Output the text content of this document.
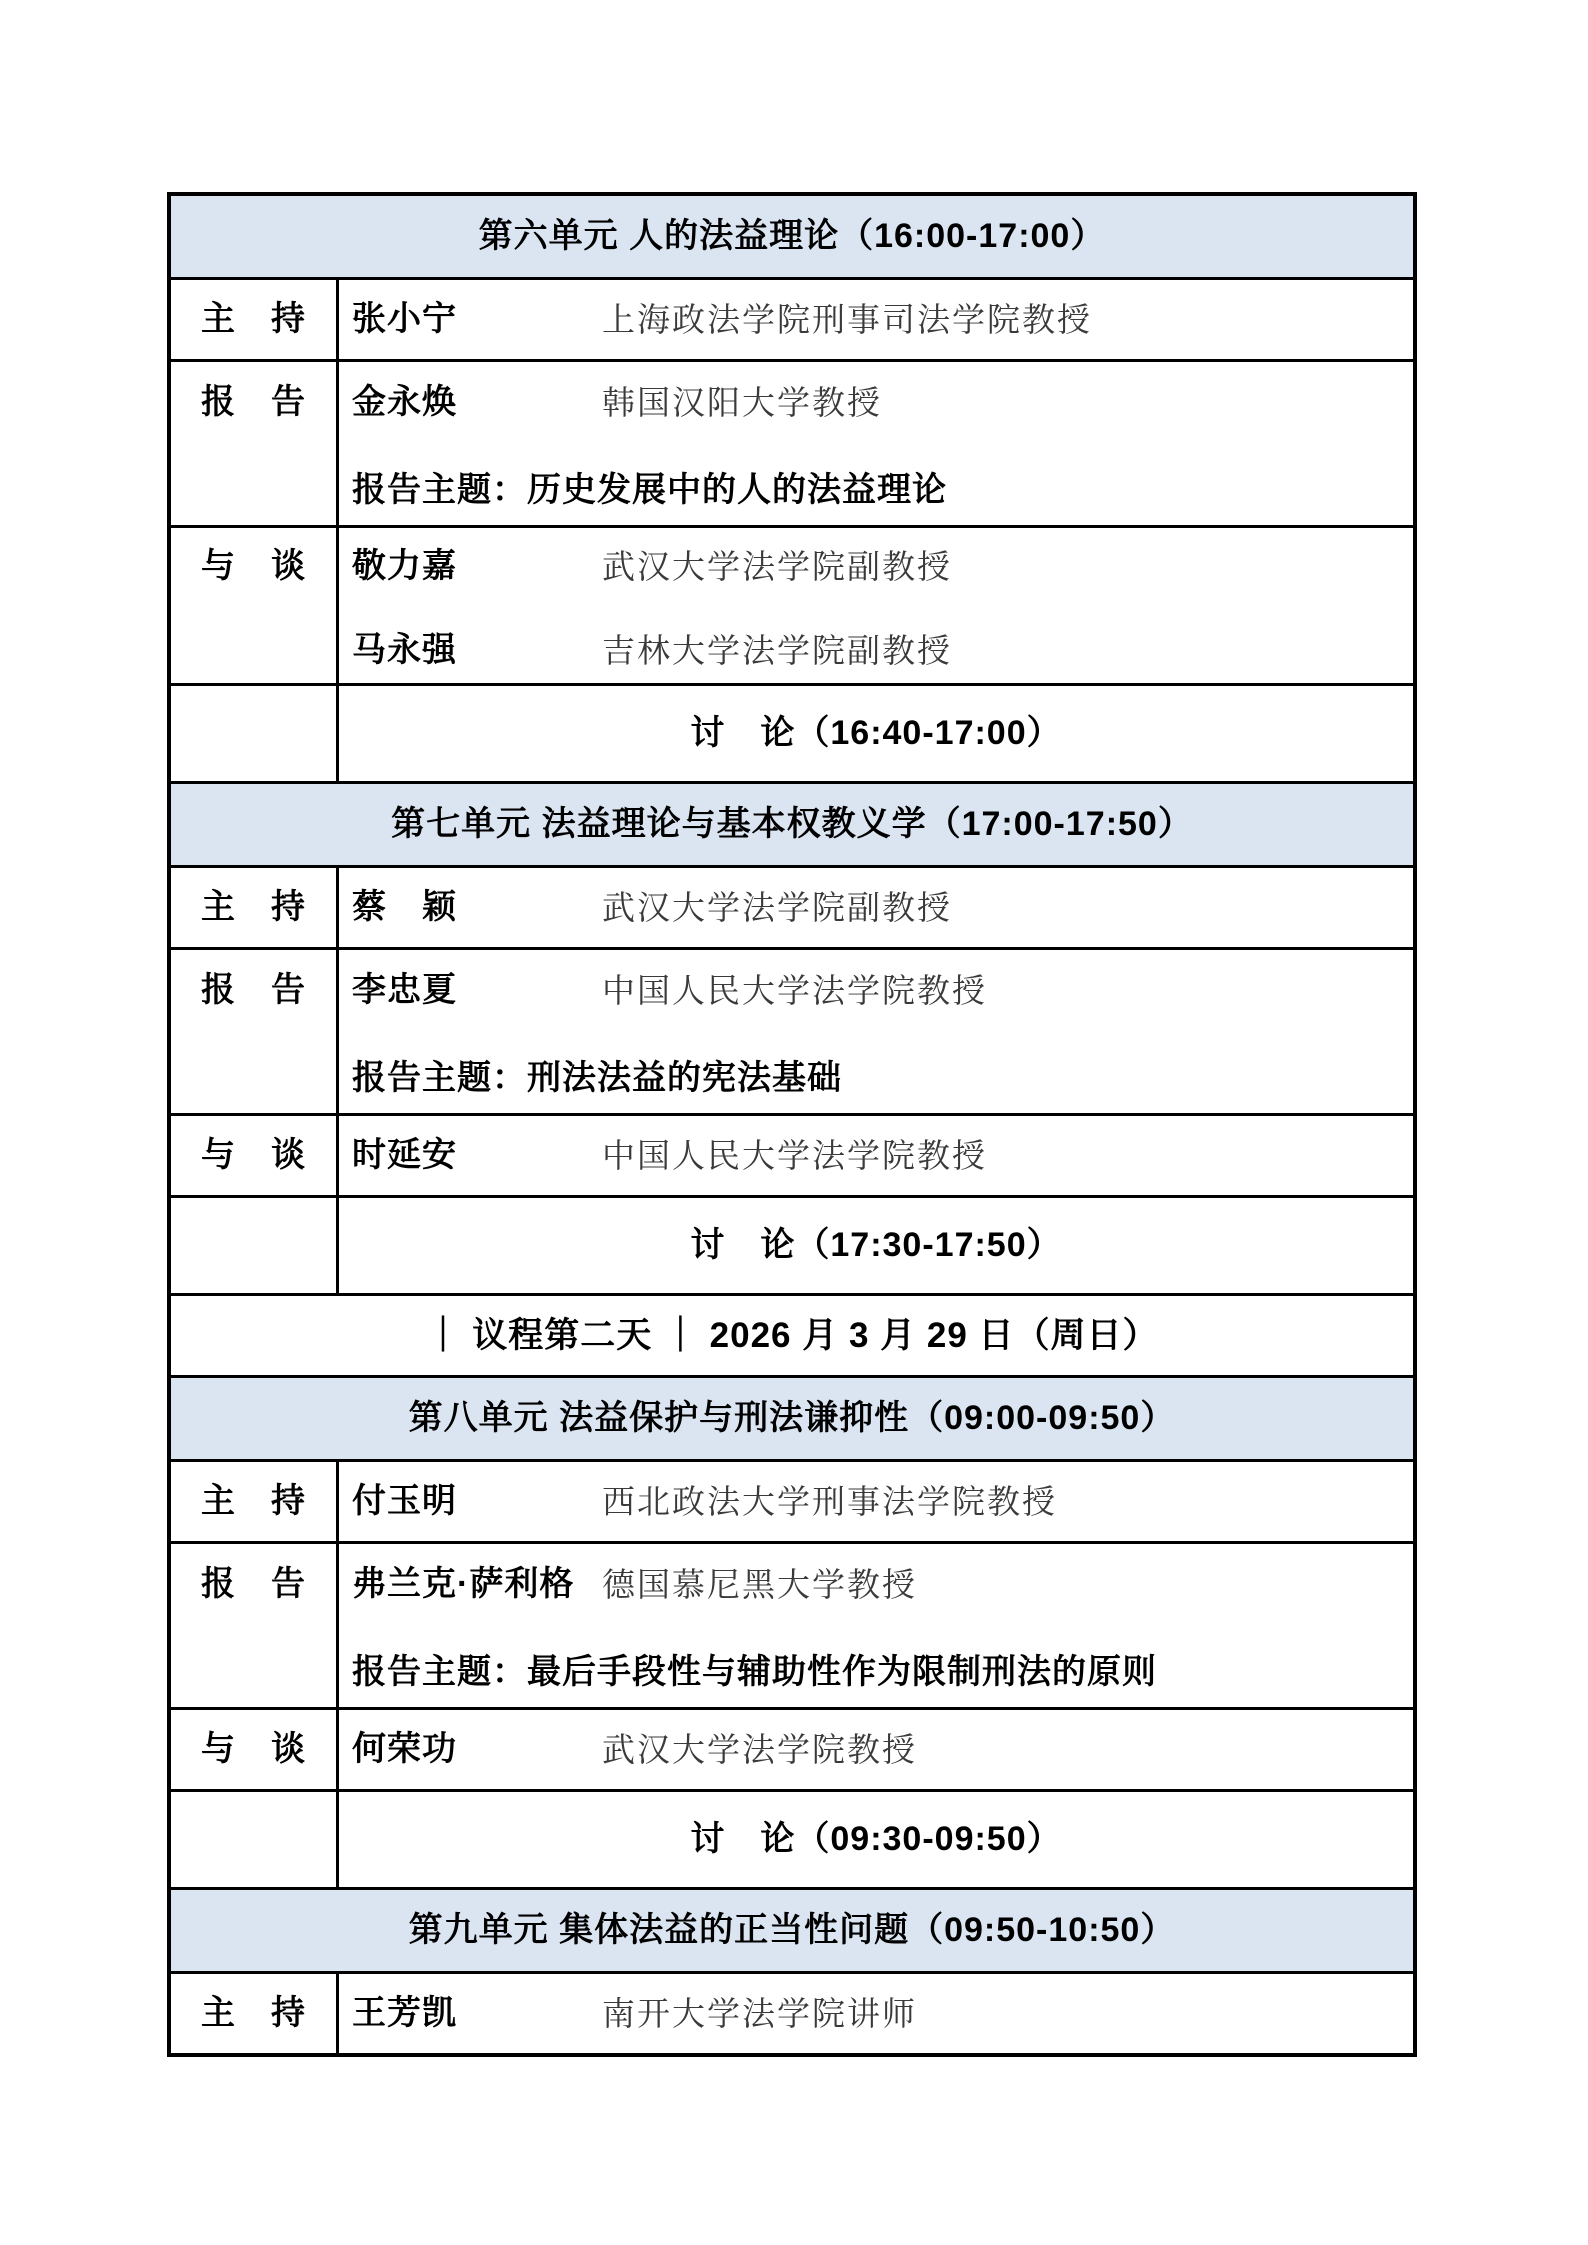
第六单元 人的法益理论（16:00-17:00）
主　持	张小宁	上海政法学院刑事司法学院教授
报　告	金永焕	韩国汉阳大学教授
报告主题：历史发展中的人的法益理论
与　谈	敬力嘉	武汉大学法学院副教授
马永强	吉林大学法学院副教授
讨　论（16:40-17:00）
第七单元 法益理论与基本权教义学（17:00-17:50）
主　持	蔡　颖	武汉大学法学院副教授
报　告	李忠夏	中国人民大学法学院教授
报告主题：刑法法益的宪法基础
与　谈	时延安	中国人民大学法学院教授
讨　论（17:30-17:50）
｜ 议程第二天 ｜ 2026 月 3 月 29 日（周日）
第八单元 法益保护与刑法谦抑性（09:00-09:50）
主　持	付玉明	西北政法大学刑事法学院教授
报　告	弗兰克·萨利格 德国慕尼黑大学教授
报告主题：最后手段性与辅助性作为限制刑法的原则
与　谈	何荣功	武汉大学法学院教授
讨　论（09:30-09:50）
第九单元 集体法益的正当性问题（09:50-10:50）
主　持	王芳凯	南开大学法学院讲师
